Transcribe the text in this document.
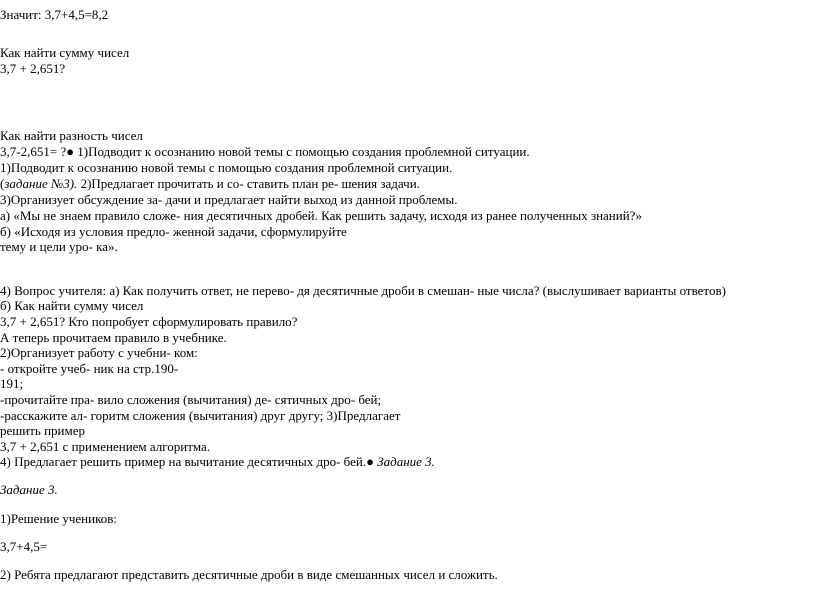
Значит: 3,7+4,5=8,2
Как найти сумму чисел
3,7 + 2,651?
Как найти разность чисел
3,7-2,651= ?● 1)Подводит к осознанию новой темы с помощью создания проблемной ситуации.
1)Подводит к осознанию новой темы с помощью создания проблемной ситуации.
(задание №3). 2)Предлагает прочитать и со- ставить план ре- шения задачи.
3)Организует обсуждение за- дачи и предлагает найти выход из данной проблемы.
а) «Мы не знаем правило сложе- ния десятичных дробей. Как решить задачу, исходя из ранее полученных знаний?»
б) «Исходя из условия предло- женной задачи, сформулируйте
тему и цели уро- ка».
4) Вопрос учителя: а) Как получить ответ, не перево- дя десятичные дроби в смешан- ные числа? (выслушивает варианты ответов)
б) Как найти сумму чисел
3,7 + 2,651? Кто попробует сформулировать правило?
А теперь прочитаем правило в учебнике.
2)Организует работу с учебни- ком:
- откройте учеб- ник на стр.190-
191;
-прочитайте пра- вило сложения (вычитания) де- сятичных дро- бей;
-расскажите ал- горитм сложения (вычитания) друг другу; 3)Предлагает
решить пример
3,7 + 2,651 с применением алгоритма.
4) Предлагает решить пример на вычитание десятичных дро- бей.● Задание 3.
Задание 3.
1)Решение учеников:
3,7+4,5=
2) Ребята предлагают представить десятичные дроби в виде смешанных чисел и сложить.
